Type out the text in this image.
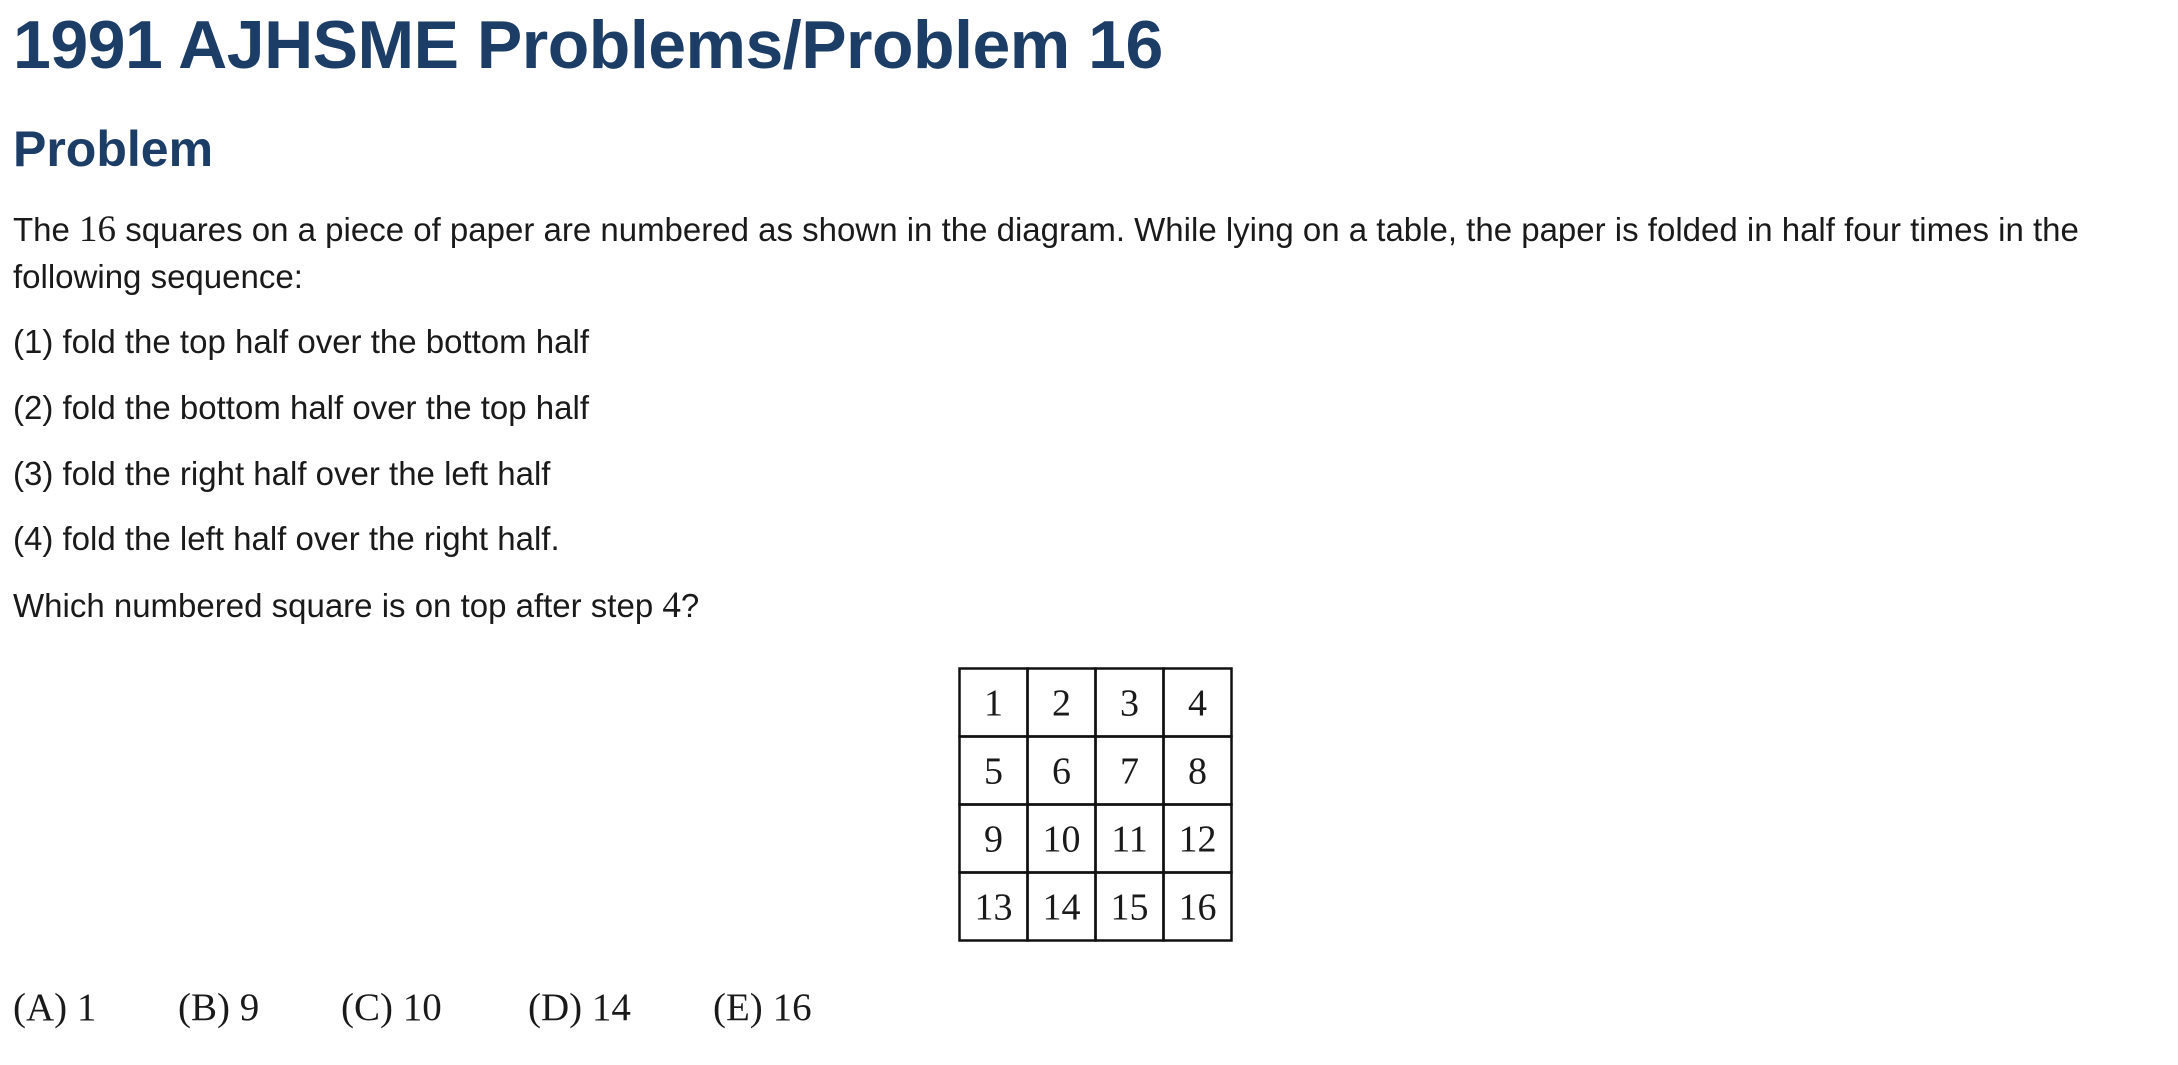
1991 AJHSME Problems/Problem 16
Problem

The 16 squares on a piece of paper are numbered as shown in the diagram. While lying on a table, the paper is folded in half four times in the following sequence:

(1) fold the top half over the bottom half

(2) fold the bottom half over the top half

(3) fold the right half over the left half

(4) fold the left half over the right half.

Which numbered square is on top after step 4?

1 2 3 4
5 6 7 8
9 10 11 12
13 14 15 16
(A) 1 (B) 9 (C) 10 (D) 14 (E) 16
